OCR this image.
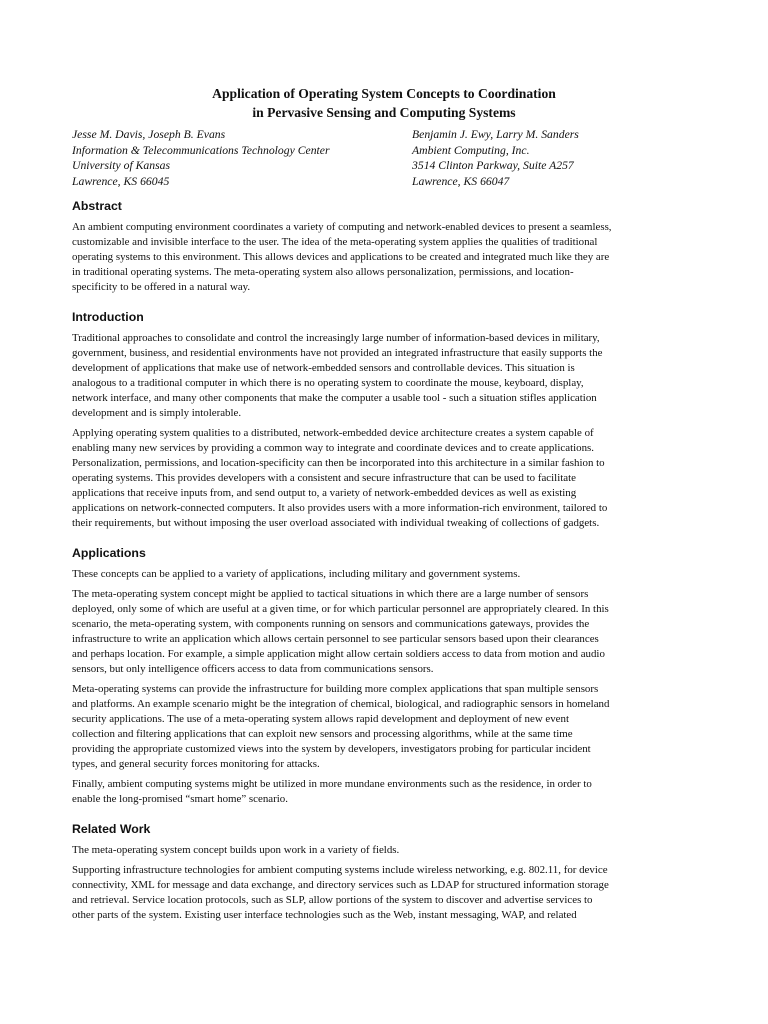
Application of Operating System Concepts to Coordination
in Pervasive Sensing and Computing Systems
Jesse M. Davis, Joseph B. Evans
Information & Telecommunications Technology Center
University of Kansas
Lawrence, KS 66045
Benjamin J. Ewy, Larry M. Sanders
Ambient Computing, Inc.
3514 Clinton Parkway, Suite A257
Lawrence, KS 66047
Abstract
An ambient computing environment coordinates a variety of computing and network-enabled devices to present a seamless,
customizable and invisible interface to the user. The idea of the meta-operating system applies the qualities of traditional
operating systems to this environment. This allows devices and applications to be created and integrated much like they are
in traditional operating systems. The meta-operating system also allows personalization, permissions, and location-
specificity to be offered in a natural way.
Introduction
Traditional approaches to consolidate and control the increasingly large number of information-based devices in military,
government, business, and residential environments have not provided an integrated infrastructure that easily supports the
development of applications that make use of network-embedded sensors and controllable devices. This situation is
analogous to a traditional computer in which there is no operating system to coordinate the mouse, keyboard, display,
network interface, and many other components that make the computer a usable tool - such a situation stifles application
development and is simply intolerable.
Applying operating system qualities to a distributed, network-embedded device architecture creates a system capable of
enabling many new services by providing a common way to integrate and coordinate devices and to create applications.
Personalization, permissions, and location-specificity can then be incorporated into this architecture in a similar fashion to
operating systems. This provides developers with a consistent and secure infrastructure that can be used to facilitate
applications that receive inputs from, and send output to, a variety of network-embedded devices as well as existing
applications on network-connected computers. It also provides users with a more information-rich environment, tailored to
their requirements, but without imposing the user overload associated with individual tweaking of collections of gadgets.
Applications
These concepts can be applied to a variety of applications, including military and government systems.
The meta-operating system concept might be applied to tactical situations in which there are a large number of sensors
deployed, only some of which are useful at a given time, or for which particular personnel are appropriately cleared. In this
scenario, the meta-operating system, with components running on sensors and communications gateways, provides the
infrastructure to write an application which allows certain personnel to see particular sensors based upon their clearances
and perhaps location. For example, a simple application might allow certain soldiers access to data from motion and audio
sensors, but only intelligence officers access to data from communications sensors.
Meta-operating systems can provide the infrastructure for building more complex applications that span multiple sensors
and platforms. An example scenario might be the integration of chemical, biological, and radiographic sensors in homeland
security applications. The use of a meta-operating system allows rapid development and deployment of new event
collection and filtering applications that can exploit new sensors and processing algorithms, while at the same time
providing the appropriate customized views into the system by developers, investigators probing for particular incident
types, and general security forces monitoring for attacks.
Finally, ambient computing systems might be utilized in more mundane environments such as the residence, in order to
enable the long-promised “smart home” scenario.
Related Work
The meta-operating system concept builds upon work in a variety of fields.
Supporting infrastructure technologies for ambient computing systems include wireless networking, e.g. 802.11, for device
connectivity, XML for message and data exchange, and directory services such as LDAP for structured information storage
and retrieval. Service location protocols, such as SLP, allow portions of the system to discover and advertise services to
other parts of the system. Existing user interface technologies such as the Web, instant messaging, WAP, and related
